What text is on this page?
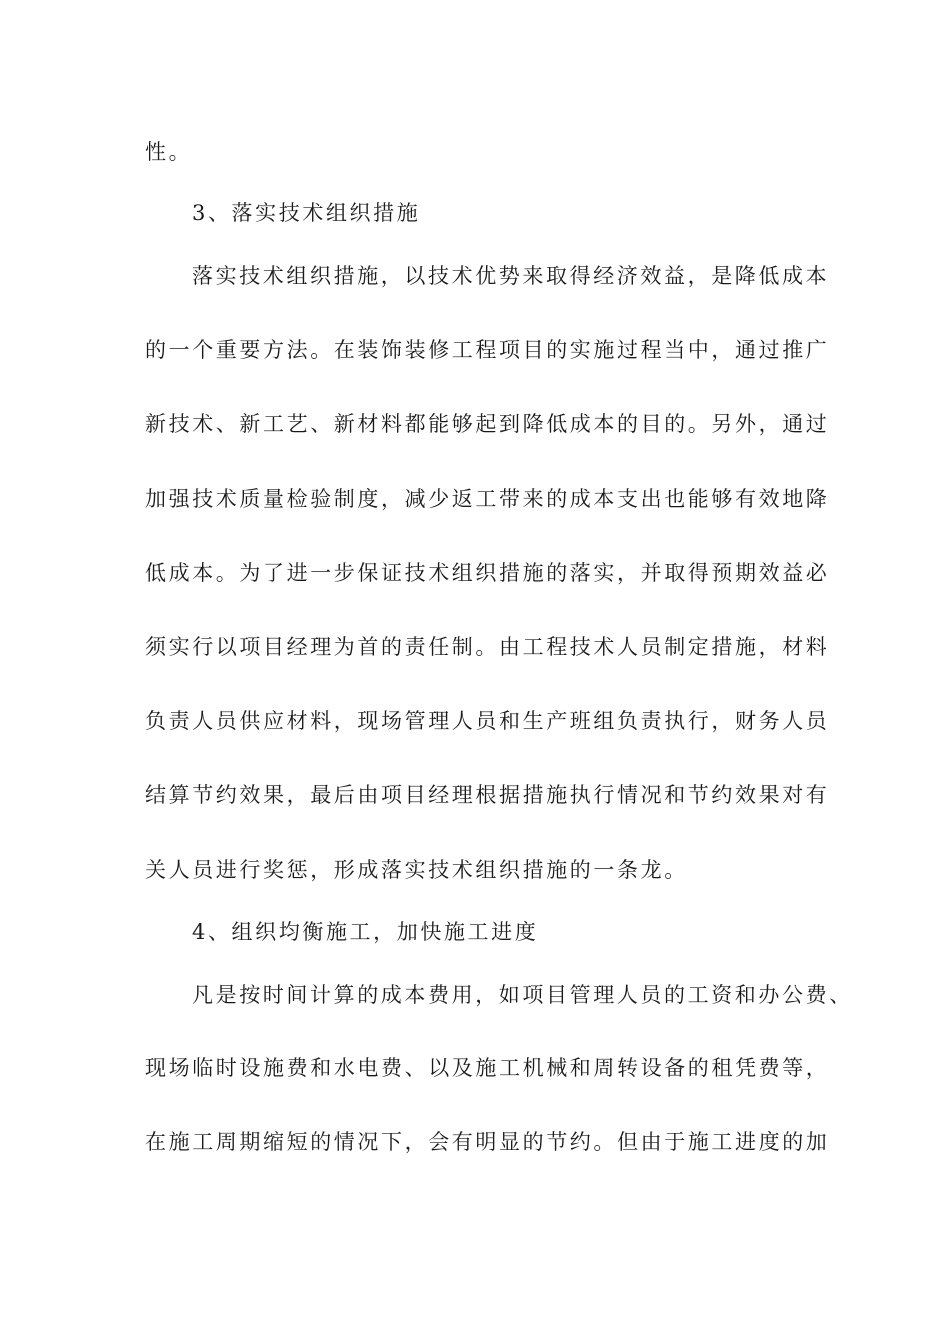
性。

3、落实技术组织措施

落实技术组织措施，以技术优势来取得经济效益，是降低成本

的一个重要方法。在装饰装修工程项目的实施过程当中，通过推广

新技术、新工艺、新材料都能够起到降低成本的目的。另外，通过

加强技术质量检验制度，减少返工带来的成本支出也能够有效地降

低成本。为了进一步保证技术组织措施的落实，并取得预期效益必

须实行以项目经理为首的责任制。由工程技术人员制定措施，材料

负责人员供应材料，现场管理人员和生产班组负责执行，财务人员

结算节约效果，最后由项目经理根据措施执行情况和节约效果对有

关人员进行奖惩，形成落实技术组织措施的一条龙。

4、组织均衡施工，加快施工进度

凡是按时间计算的成本费用，如项目管理人员的工资和办公费、

现场临时设施费和水电费、以及施工机械和周转设备的租凭费等，

在施工周期缩短的情况下，会有明显的节约。但由于施工进度的加
